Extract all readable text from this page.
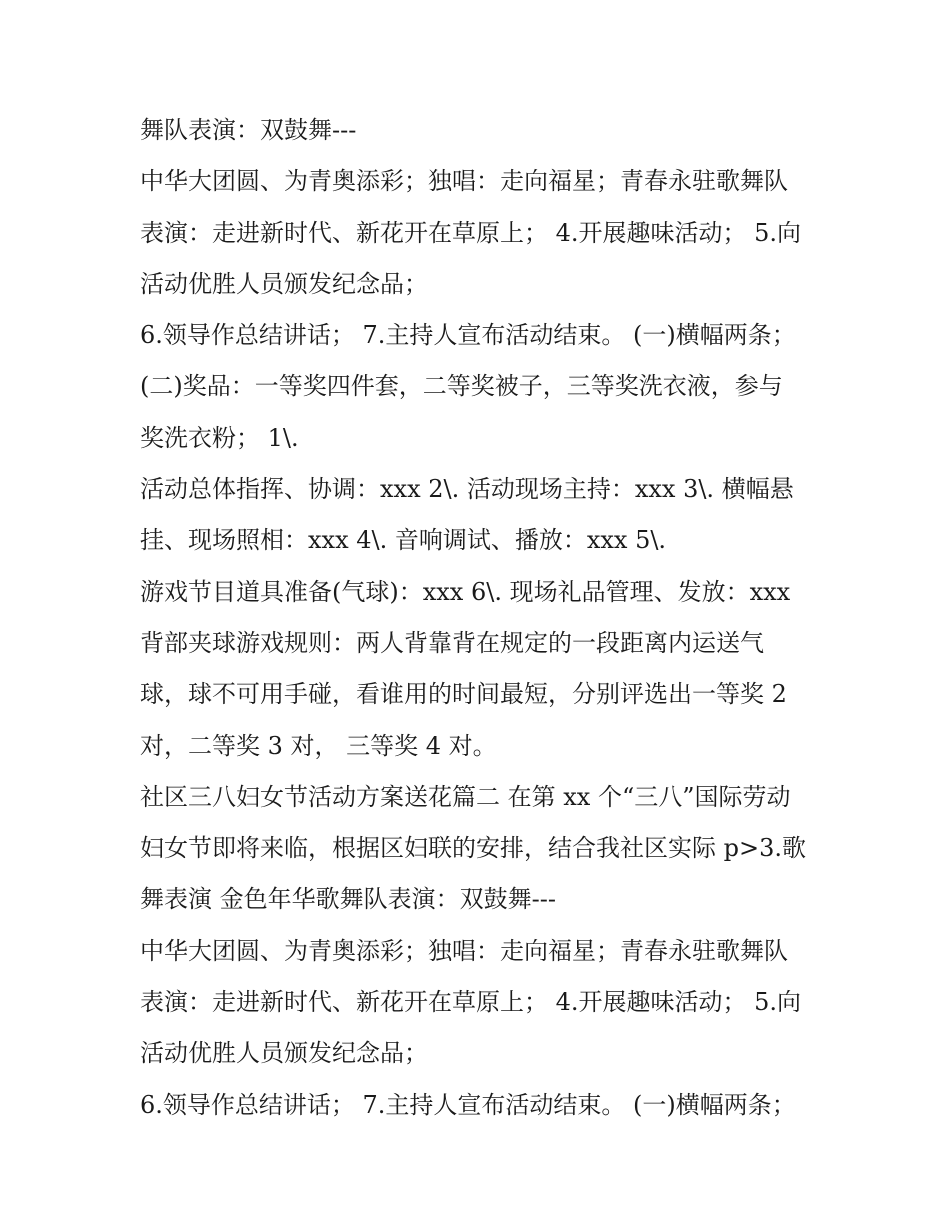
舞队表演：双鼓舞---
中华大团圆、为青奥添彩；独唱：走向福星；青春永驻歌舞队
表演：走进新时代、新花开在草原上； 4.开展趣味活动； 5.向
活动优胜人员颁发纪念品；
6.领导作总结讲话； 7.主持人宣布活动结束。 (一)横幅两条；
(二)奖品：一等奖四件套，二等奖被子，三等奖洗衣液，参与
奖洗衣粉； 1\.
活动总体指挥、协调：xxx 2\. 活动现场主持：xxx 3\. 横幅悬
挂、现场照相：xxx 4\. 音响调试、播放：xxx 5\.
游戏节目道具准备(气球)：xxx 6\. 现场礼品管理、发放：xxx
背部夹球游戏规则：两人背靠背在规定的一段距离内运送气
球，球不可用手碰，看谁用的时间最短，分别评选出一等奖 2
对，二等奖 3 对， 三等奖 4 对。
社区三八妇女节活动方案送花篇二 在第 xx 个“三八”国际劳动
妇女节即将来临，根据区妇联的安排，结合我社区实际 p>3.歌
舞表演 金色年华歌舞队表演：双鼓舞---
中华大团圆、为青奥添彩；独唱：走向福星；青春永驻歌舞队
表演：走进新时代、新花开在草原上； 4.开展趣味活动； 5.向
活动优胜人员颁发纪念品；
6.领导作总结讲话； 7.主持人宣布活动结束。 (一)横幅两条；
